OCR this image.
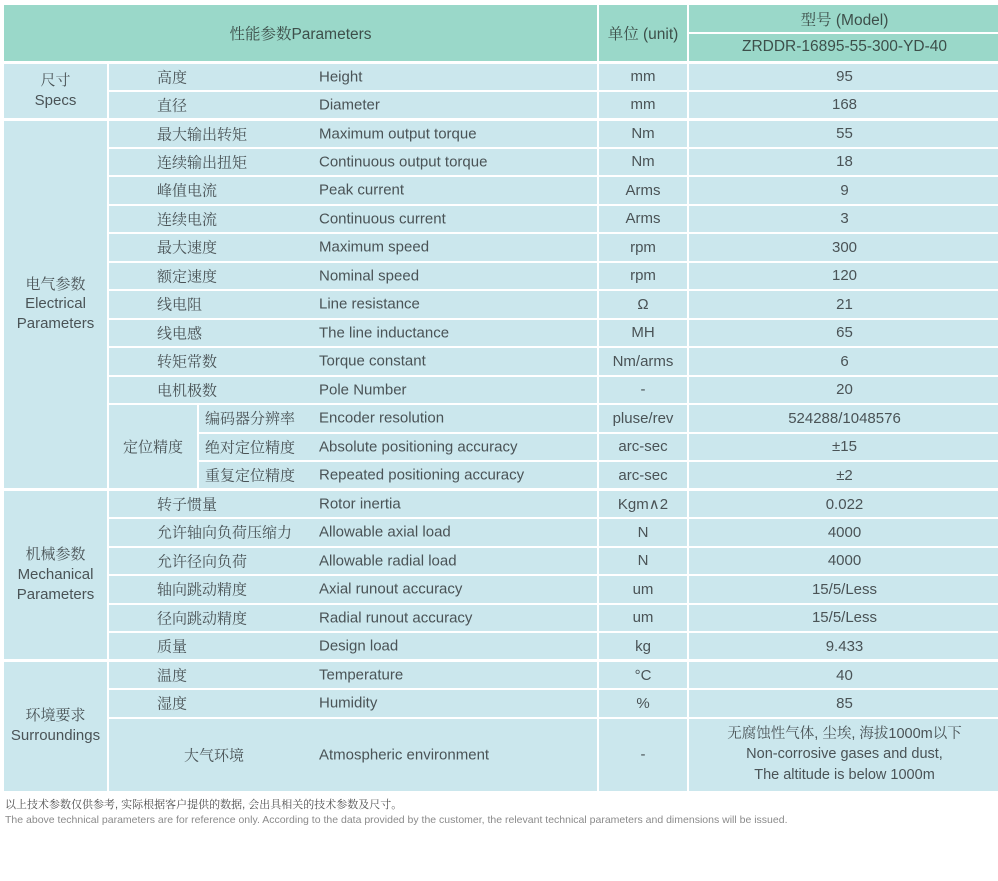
性能参数Parameters			单位 (unit)	型号 (Model)
				ZRDDR-16895-55-300-YD-40

尺寸
Specs

高度	Height	mm	95

	直径 Diameter		mm	168

电气参数
Electrical
Parameters

最大输出转矩	Maximum output torque	Nm	55

	连续输出扭矩 Continuous output torque		Nm	18

	峰值电流 Peak current		Arms	9

	连续电流 Continuous current		Arms	3

	最大速度 Maximum speed		rpm	300

	额定速度 Nominal speed		rpm	120

	线电阻 Line resistance		Ω	21

	线电感 The line inductance		MH	65

	转矩常数 Torque constant		Nm/arms	6

	电机极数 Pole Number		-	20
	定位精度	编码器分辨率 Encoder resolution	pluse/rev	524288/1048576

		绝对定位精度 Absolute positioning accuracy	arc-sec	±15

		重复定位精度 Repeated positioning accuracy	arc-sec	±2

机械参数
Mechanical
Parameters

转子惯量	Rotor inertia	Kgm∧2	0.022

	允许轴向负荷压缩力 Allowable axial load		N	4000

	允许径向负荷 Allowable radial load		N	4000

	轴向跳动精度 Axial runout accuracy		um	15/5/Less

	径向跳动精度 Radial runout accuracy		um	15/5/Less

	质量 Design load		kg	9.433

环境要求
Surroundings

温度	Temperature	°C	40

	湿度 Humidity		%	85

大气环境	Atmospheric environment	-	
无腐蚀性气体, 尘埃, 海拔1000m以下
Non-corrosive gases and dust,
The altitude is below 1000m
以上技术参数仅供参考, 实际根据客户提供的数据, 会出具相关的技术参数及尺寸。
The above technical parameters are for reference only. According to the data provided by the customer, the relevant technical parameters and dimensions will be issued.
